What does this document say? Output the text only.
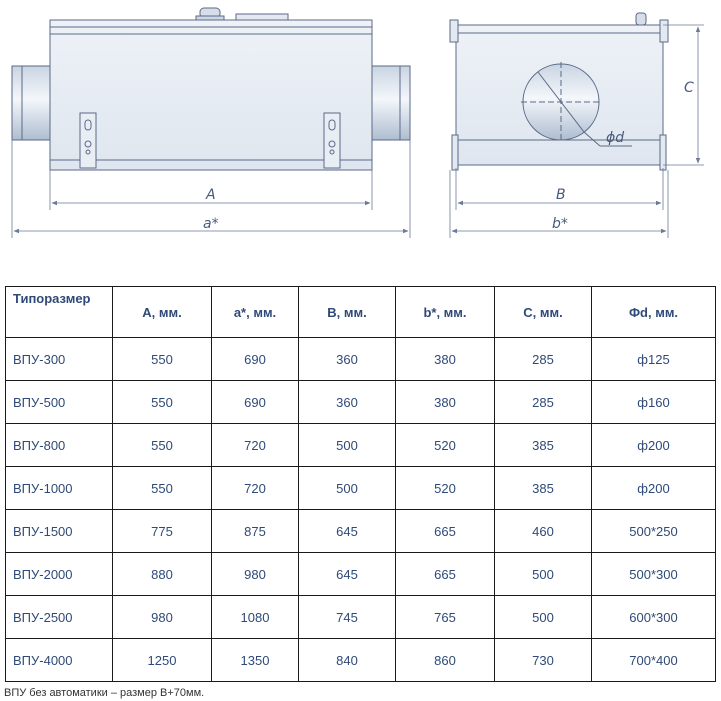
A
a*
ϕd
B
b*
C
Типоразмер	A, мм.	a*, мм.	B, мм.	b*, мм.	C, мм.	Фd, мм.
ВПУ-300	550	690	360	380	285	ф125
ВПУ-500	550	690	360	380	285	ф160
ВПУ-800	550	720	500	520	385	ф200
ВПУ-1000	550	720	500	520	385	ф200
ВПУ-1500	775	875	645	665	460	500*250
ВПУ-2000	880	980	645	665	500	500*300
ВПУ-2500	980	1080	745	765	500	600*300
ВПУ-4000	1250	1350	840	860	730	700*400
ВПУ без автоматики – размер B+70мм.
